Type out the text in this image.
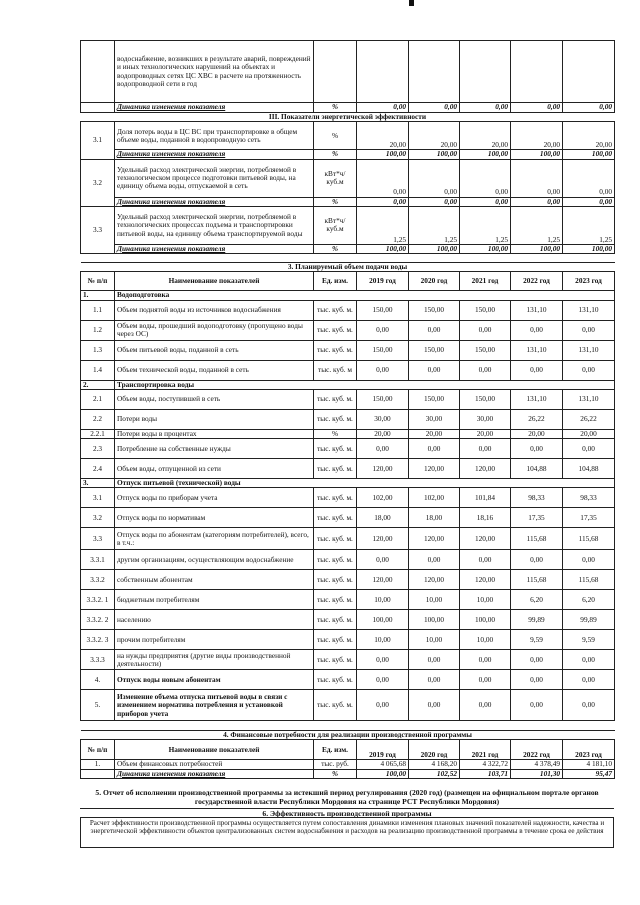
	водоснабжение, возникших в результате аварий, повреждений и иных технологических нарушений на объектах и водопроводных сетях ЦС ХВС в расчете на протяженность водопроводной сети в год						
	Динамика изменения показателя	%	0,00	0,00	0,00	0,00	0,00
III. Показатели энергетической эффективности							
3.1	Доля потерь воды в ЦС ВС при транспортировке в общем объеме воды, поданной в водопроводную сеть	%	20,00	20,00	20,00	20,00	20,00
	Динамика изменения показателя	%	100,00	100,00	100,00	100,00	100,00
3.2	Удельный расход электрической энергии, потребляемой в технологическом процессе подготовки питьевой воды, на единицу объема воды, отпускаемой в сеть	кВт*ч/ куб.м	0,00	0,00	0,00	0,00	0,00
	Динамика изменения показателя	%	0,00	0,00	0,00	0,00	0,00
3.3	Удельный расход электрической энергии, потребляемой в технологических процессах подъема и транспортировки питьевой воды, на единицу объема транспортируемой воды	кВт*ч/ куб.м	1,25	1,25	1,25	1,25	1,25
	Динамика изменения показателя	%	100,00	100,00	100,00	100,00	100,00
3. Планируемый объем подачи воды							
№ п/п	Наименование показателей	Ед. изм.	2019 год	2020 год	2021 год	2022 год	2023 год
1.	Водоподготовка						
1.1	Объем поднятой воды из источников водоснабжения	тыс. куб. м.	150,00	150,00	150,00	131,10	131,10
1.2	Объем воды, прошедший водоподготовку (пропущено воды через ОС)	тыс. куб. м.	0,00	0,00	0,00	0,00	0,00
1.3	Объем питьевой воды, поданной в сеть	тыс. куб. м.	150,00	150,00	150,00	131,10	131,10
1.4	Объем технической воды, поданной в сеть	тыс. куб. м	0,00	0,00	0,00	0,00	0,00
2.	Транспортировка воды						
2.1	Объем воды, поступившей в сеть	тыс. куб. м.	150,00	150,00	150,00	131,10	131,10
2.2	Потери воды	тыс. куб. м.	30,00	30,00	30,00	26,22	26,22
2.2.1	Потери воды в процентах	%	20,00	20,00	20,00	20,00	20,00
2.3	Потребление на собственные нужды	тыс. куб. м.	0,00	0,00	0,00	0,00	0,00
2.4	Объем воды, отпущенной из сети	тыс. куб. м.	120,00	120,00	120,00	104,88	104,88
3.	Отпуск питьевой (технической) воды						
3.1	Отпуск воды по приборам учета	тыс. куб. м.	102,00	102,00	101,84	98,33	98,33
3.2	Отпуск воды по нормативам	тыс. куб. м.	18,00	18,00	18,16	17,35	17,35
3.3	Отпуск воды по абонентам (категориям потребителей), всего, в т.ч.:	тыс. куб. м.	120,00	120,00	120,00	115,68	115,68
3.3.1	другим организациям, осуществляющим водоснабжение	тыс. куб. м.	0,00	0,00	0,00	0,00	0,00
3.3.2	собственным абонентам	тыс. куб. м.	120,00	120,00	120,00	115,68	115,68
3.3.2. 1	бюджетным потребителям	тыс. куб. м.	10,00	10,00	10,00	6,20	6,20
3.3.2. 2	населению	тыс. куб. м.	100,00	100,00	100,00	99,89	99,89
3.3.2. 3	прочим потребителям	тыс. куб. м.	10,00	10,00	10,00	9,59	9,59
3.3.3	на нужды предприятия (другие виды производственной деятельности)	тыс. куб. м.	0,00	0,00	0,00	0,00	0,00
4.	Отпуск воды новым абонентам	тыс. куб. м.	0,00	0,00	0,00	0,00	0,00
5.	Изменение объема отпуска питьевой воды в связи с изменением норматива потребления и установкой приборов учета	тыс. куб. м.	0,00	0,00	0,00	0,00	0,00
4. Финансовые потребности для реализации производственной программы							
№ п/п	Наименование показателей	Ед. изм.	2019 год	2020 год	2021 год	2022 год	2023 год
1.	Объем финансовых потребностей	тыс. руб.	4 065,68	4 168,20	4 322,72	4 378,49	4 181,10
	Динамика изменения показателя	%	100,00	102,52	103,71	101,30	95,47
5. Отчет об исполнении производственной программы за истекший период регулирования (2020 год) (размещен на официальном портале органов государственной власти Республики Мордовия на странице РСТ Республики Мордовия)
6. Эффективность производственной программы
Расчет эффективности производственной программы осуществляется путем сопоставления динамики изменения плановых значений показателей надежности, качества и энергетической эффективности объектов централизованных систем водоснабжения и расходов на реализацию производственной программы в течение срока ее действия
